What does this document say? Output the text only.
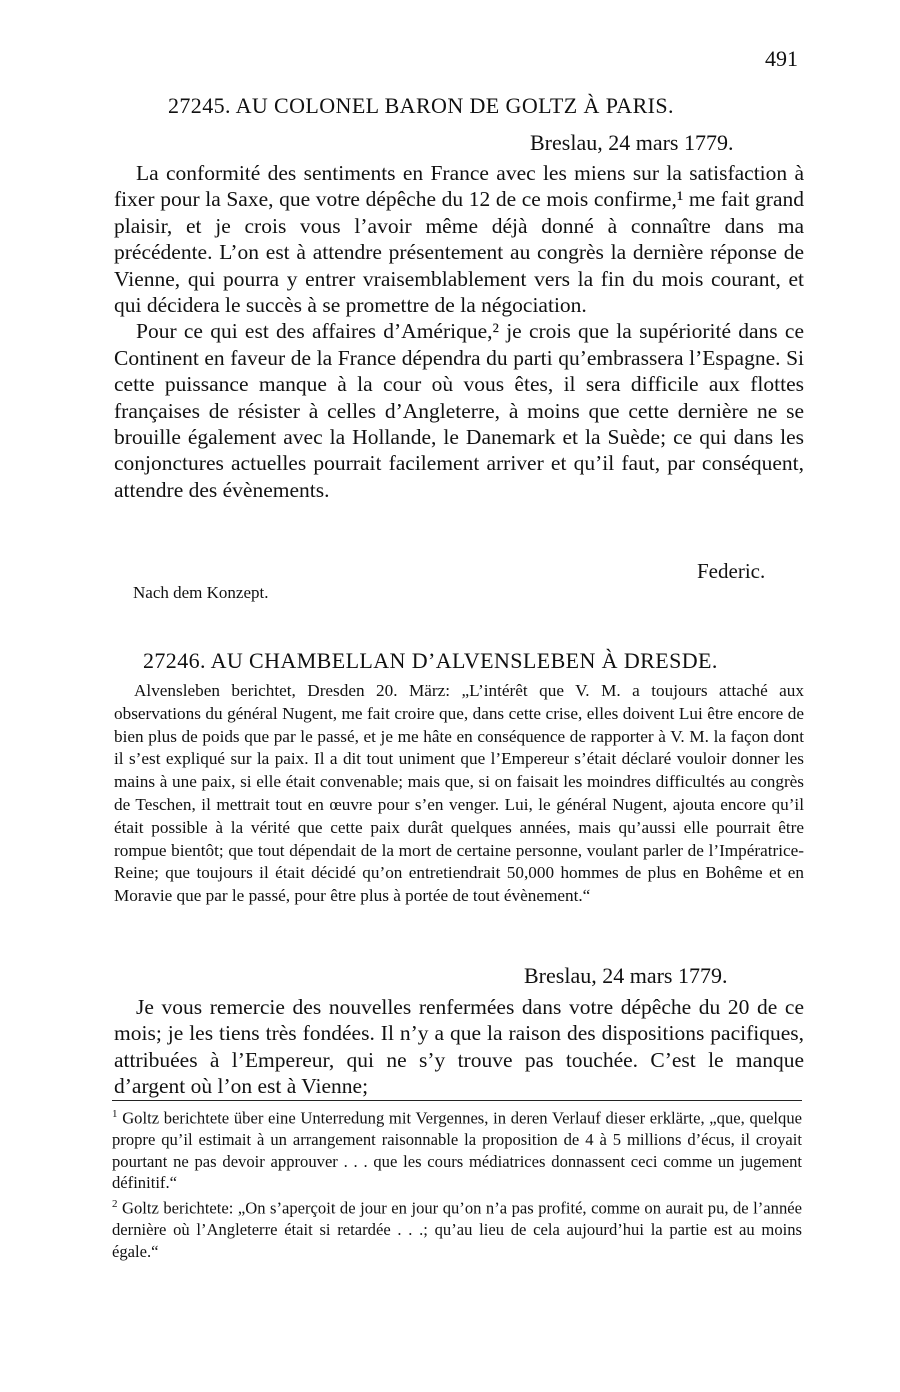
491
27245. AU COLONEL BARON DE GOLTZ À PARIS.
Breslau, 24 mars 1779.

La conformité des sentiments en France avec les miens sur la satisfaction à fixer pour la Saxe, que votre dépêche du 12 de ce mois confirme,¹ me fait grand plaisir, et je crois vous l’avoir même déjà donné à connaître dans ma précédente. L’on est à attendre présentement au congrès la dernière réponse de Vienne, qui pourra y entrer vraisemblablement vers la fin du mois courant, et qui décidera le succès à se promettre de la négociation.

Pour ce qui est des affaires d’Amérique,² je crois que la supériorité dans ce Continent en faveur de la France dépendra du parti qu’embrassera l’Espagne. Si cette puissance manque à la cour où vous êtes, il sera difficile aux flottes françaises de résister à celles d’Angleterre, à moins que cette dernière ne se brouille également avec la Hollande, le Danemark et la Suède; ce qui dans les conjonctures actuelles pourrait facilement arriver et qu’il faut, par conséquent, attendre des évènements.

Federic.
Nach dem Konzept.
27246. AU CHAMBELLAN D’ALVENSLEBEN À DRESDE.

Alvensleben berichtet, Dresden 20. März: „L’intérêt que V. M. a toujours attaché aux observations du général Nugent, me fait croire que, dans cette crise, elles doivent Lui être encore de bien plus de poids que par le passé, et je me hâte en conséquence de rapporter à V. M. la façon dont il s’est expliqué sur la paix. Il a dit tout uniment que l’Empereur s’était déclaré vouloir donner les mains à une paix, si elle était convenable; mais que, si on faisait les moindres difficultés au congrès de Teschen, il mettrait tout en œuvre pour s’en venger. Lui, le général Nugent, ajouta encore qu’il était possible à la vérité que cette paix durât quelques années, mais qu’aussi elle pourrait être rompue bientôt; que tout dépendait de la mort de certaine personne, voulant parler de l’Impératrice-Reine; que toujours il était décidé qu’on entretiendrait 50,000 hommes de plus en Bohême et en Moravie que par le passé, pour être plus à portée de tout évènement.“

Breslau, 24 mars 1779.

Je vous remercie des nouvelles renfermées dans votre dépêche du 20 de ce mois; je les tiens très fondées. Il n’y a que la raison des dispositions pacifiques, attribuées à l’Empereur, qui ne s’y trouve pas touchée. C’est le manque d’argent où l’on est à Vienne;

$^1$ Goltz berichtete über eine Unterredung mit Vergennes, in deren Verlauf dieser erklärte, „que, quelque propre qu’il estimait à un arrangement raisonnable la proposition de 4 à 5 millions d’écus, il croyait pourtant ne pas devoir approuver . . . que les cours médiatrices donnassent ceci comme un jugement définitif.“

$^2$ Goltz berichtete: „On s’aperçoit de jour en jour qu’on n’a pas profité, comme on aurait pu, de l’année dernière où l’Angleterre était si retardée . . .; qu’au lieu de cela aujourd’hui la partie est au moins égale.“
